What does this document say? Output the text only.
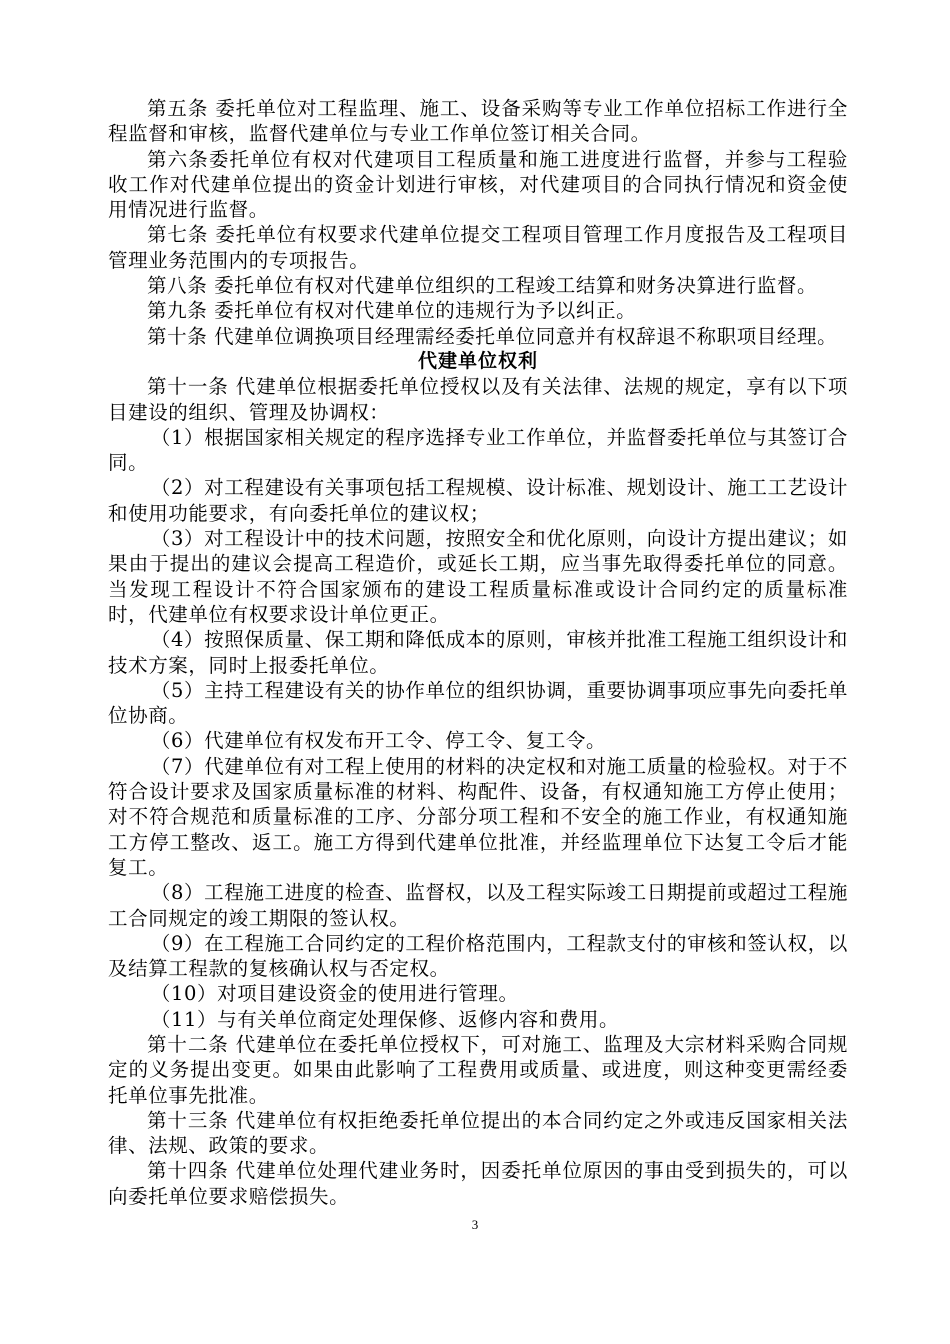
第五条 委托单位对工程监理、施工、设备采购等专业工作单位招标工作进行全程监督和审核，监督代建单位与专业工作单位签订相关合同。

第六条委托单位有权对代建项目工程质量和施工进度进行监督，并参与工程验收工作对代建单位提出的资金计划进行审核，对代建项目的合同执行情况和资金使用情况进行监督。

第七条 委托单位有权要求代建单位提交工程项目管理工作月度报告及工程项目管理业务范围内的专项报告。

第八条 委托单位有权对代建单位组织的工程竣工结算和财务决算进行监督。

第九条 委托单位有权对代建单位的违规行为予以纠正。

第十条 代建单位调换项目经理需经委托单位同意并有权辞退不称职项目经理。

代建单位权利

第十一条 代建单位根据委托单位授权以及有关法律、法规的规定，享有以下项目建设的组织、管理及协调权：

（1）根据国家相关规定的程序选择专业工作单位，并监督委托单位与其签订合同。

（2）对工程建设有关事项包括工程规模、设计标准、规划设计、施工工艺设计和使用功能要求，有向委托单位的建议权；

（3）对工程设计中的技术问题，按照安全和优化原则，向设计方提出建议；如果由于提出的建议会提高工程造价，或延长工期，应当事先取得委托单位的同意。当发现工程设计不符合国家颁布的建设工程质量标准或设计合同约定的质量标准时，代建单位有权要求设计单位更正。

（4）按照保质量、保工期和降低成本的原则，审核并批准工程施工组织设计和技术方案，同时上报委托单位。

（5）主持工程建设有关的协作单位的组织协调，重要协调事项应事先向委托单位协商。

（6）代建单位有权发布开工令、停工令、复工令。

（7）代建单位有对工程上使用的材料的决定权和对施工质量的检验权。对于不符合设计要求及国家质量标准的材料、构配件、设备，有权通知施工方停止使用；对不符合规范和质量标准的工序、分部分项工程和不安全的施工作业，有权通知施工方停工整改、返工。施工方得到代建单位批准，并经监理单位下达复工令后才能复工。

（8）工程施工进度的检查、监督权，以及工程实际竣工日期提前或超过工程施工合同规定的竣工期限的签认权。

（9）在工程施工合同约定的工程价格范围内，工程款支付的审核和签认权，以及结算工程款的复核确认权与否定权。

（10）对项目建设资金的使用进行管理。

（11）与有关单位商定处理保修、返修内容和费用。

第十二条 代建单位在委托单位授权下，可对施工、监理及大宗材料采购合同规定的义务提出变更。如果由此影响了工程费用或质量、或进度，则这种变更需经委托单位事先批准。

第十三条 代建单位有权拒绝委托单位提出的本合同约定之外或违反国家相关法律、法规、政策的要求。

第十四条 代建单位处理代建业务时，因委托单位原因的事由受到损失的，可以向委托单位要求赔偿损失。

3
